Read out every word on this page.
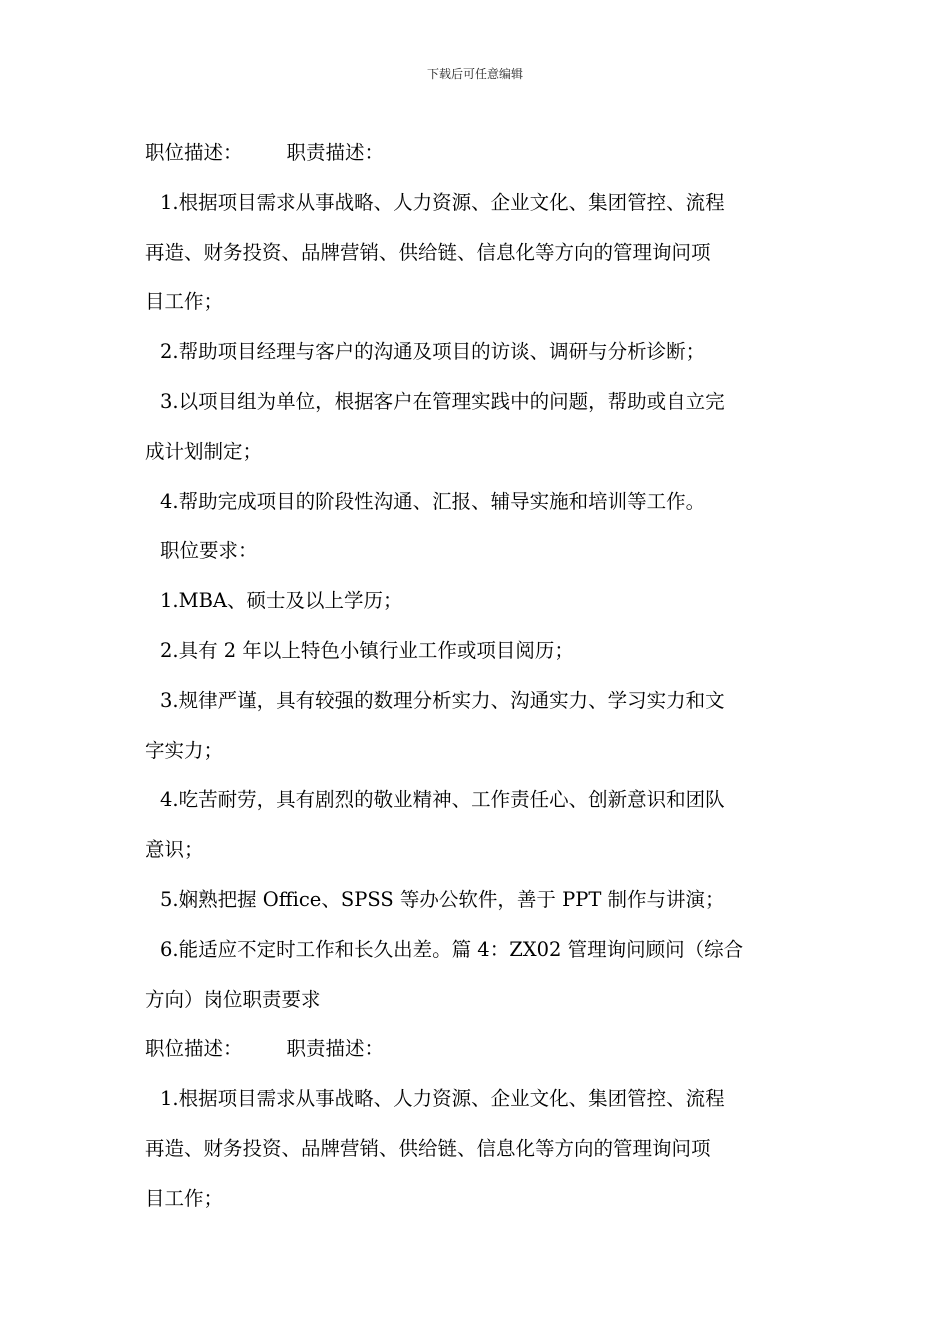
下载后可任意编辑
职位描述： 职责描述：
1.根据项目需求从事战略、人力资源、企业文化、集团管控、流程
再造、财务投资、品牌营销、供给链、信息化等方向的管理询问项
目工作；
2.帮助项目经理与客户的沟通及项目的访谈、调研与分析诊断；
3.以项目组为单位，根据客户在管理实践中的问题，帮助或自立完
成计划制定；
4.帮助完成项目的阶段性沟通、汇报、辅导实施和培训等工作。
职位要求：
1.MBA、硕士及以上学历；
2.具有 2 年以上特色小镇行业工作或项目阅历；
3.规律严谨，具有较强的数理分析实力、沟通实力、学习实力和文
字实力；
4.吃苦耐劳，具有剧烈的敬业精神、工作责任心、创新意识和团队
意识；
5.娴熟把握 Office、SPSS 等办公软件，善于 PPT 制作与讲演；
6.能适应不定时工作和长久出差。篇 4：ZX02 管理询问顾问（综合
方向）岗位职责要求
职位描述： 职责描述：
1.根据项目需求从事战略、人力资源、企业文化、集团管控、流程
再造、财务投资、品牌营销、供给链、信息化等方向的管理询问项
目工作；
